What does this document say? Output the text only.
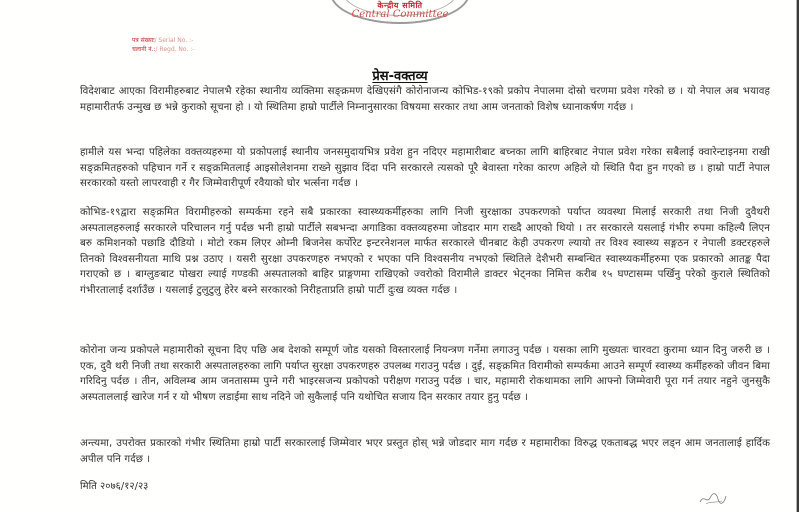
केन्द्रीय समिति
Central Committee
पत्र संख्याः/ Serial No. :-
चलानी नं.:/ Regd. No. :-
प्रेस-वक्तव्य
विदेशबाट आएका विरामीहरुबाट नेपालभै रहेका स्थानीय व्यक्तिमा सङ्क्रमण देखिएसंगै कोरोनाजन्य कोभिड-१९को प्रकोप नेपालमा दोस्रो चरणमा प्रवेश गरेको छ । यो नेपाल अब भयावह महामारीतर्फ उन्मुख छ भन्ने कुराको सूचना हो । यो स्थितिमा हाम्रो पार्टीले निम्नानुसारका विषयमा सरकार तथा आम जनताको विशेष ध्यानाकर्षण गर्दछ ।
हामीले यस भन्दा पहिलेका वक्तव्यहरुमा यो प्रकोपलाई स्थानीय जनसमुदायभित्र प्रवेश हुन नदिएर महामारीबाट बच्नका लागि बाहिरबाट नेपाल प्रवेश गरेका सबैलाई क्वारेन्टाइनमा राखी सङ्क्रमितहरुको पहिचान गर्ने र सङ्क्रमितलाई आइसोलेशनमा राख्ने सुझाव दिंदा पनि सरकारले त्यसको पूरै बेवास्ता गरेका कारण अहिले यो स्थिति पैदा हुन गएको छ । हाम्रो पार्टी नेपाल सरकारको यस्तो लापरवाही र गैर जिम्मेवारीपूर्ण रवैयाको घोर भर्त्सना गर्दछ ।
कोभिड-१९द्वारा सङ्क्रमित विरामीहरुको सम्पर्कमा रहने सबै प्रकारका स्वास्थ्यकर्मीहरुका लागि निजी सुरक्षाका उपकरणको पर्याप्त व्यवस्था मिलाई सरकारी तथा निजी दुवैथरी अस्पतालहरुलाई सरकारले परिचालन गर्नु पर्दछ भनी हाम्रो पार्टीले सबभन्दा अगाडिका वक्तव्यहरुमा जोडदार माग राख्दै आएको थियो । तर सरकारले यसलाई गंभीर रुपमा कहिल्यै लिएन बरु कमिशनको पछाडि दौडियो । मोटो रकम लिएर ओम्नी बिजनेस कर्पोरेट इन्टरनेशनल मार्फत सरकारले चीनबाट केही उपकरण ल्यायो तर विश्व स्वास्थ्य सङ्गठन र नेपाली डक्टरहरुले तिनको विश्वसनीयता माथि प्रश्न उठाए । यसरी सुरक्षा उपकरणहरु नभएको र भएका पनि विश्वसनीय नभएको स्थितिले देशैभरी सम्बन्धित स्वास्थ्यकर्मीहरुमा एक प्रकारको आतङ्क पैदा गराएको छ । बाग्लुङबाट पोखरा ल्याई गण्डकी अस्पतालको बाहिर प्राङ्गणमा राखिएको ज्वरोको विरामीले डाक्टर भेट्नका निमित्त करीब १५ घण्टासम्म पर्खिनु परेको कुराले स्थितिको गंभीरतालाई दर्शाउँछ । यसलाई टुलुटुलु हेरेर बस्ने सरकारको निरीहताप्रति हाम्रो पार्टी दुःख व्यक्त गर्दछ ।
कोरोना जन्य प्रकोपले महामारीको सूचना दिए पछि अब देशको सम्पूर्ण जोड यसको विस्तारलाई नियन्त्रण गर्नेमा लगाउनु पर्दछ । यसका लागि मुख्यतः चारवटा कुरामा ध्यान दिनु जरुरी छ । एक, दुवै थरी निजी तथा सरकारी अस्पतालहरुका लागि पर्याप्त सुरक्षा उपकरणहरु उपलब्ध गराउनु पर्दछ । दुई, सङ्क्रमित विरामीको सम्पर्कमा आउने सम्पूर्ण स्वास्थ्य कर्मीहरुको जीवन बिमा गरिदिनु पर्दछ । तीन, अविलम्ब आम जनतासम्म पुग्ने गरी भाइरसजन्य प्रकोपको परीक्षण गराउनु पर्दछ । चार, महामारी रोकथामका लागि आफ्नो जिम्मेवारी पूरा गर्न तयार नहुने जुनसुकै अस्पताललाई खारेज गर्न र यो भीषण लडाईमा साथ नदिने जो सुकैलाई पनि यथोचित सजाय दिन सरकार तयार हुनु पर्दछ ।
अन्त्यमा, उपरोक्त प्रकारको गंभीर स्थितिमा हाम्रो पार्टी सरकारलाई जिम्मेवार भएर प्रस्तुत होस् भन्ने जोडदार माग गर्दछ र महामारीका विरुद्ध एकताबद्ध भएर लड्न आम जनतालाई हार्दिक अपील पनि गर्दछ ।
मिति २०७६/१२/२३
